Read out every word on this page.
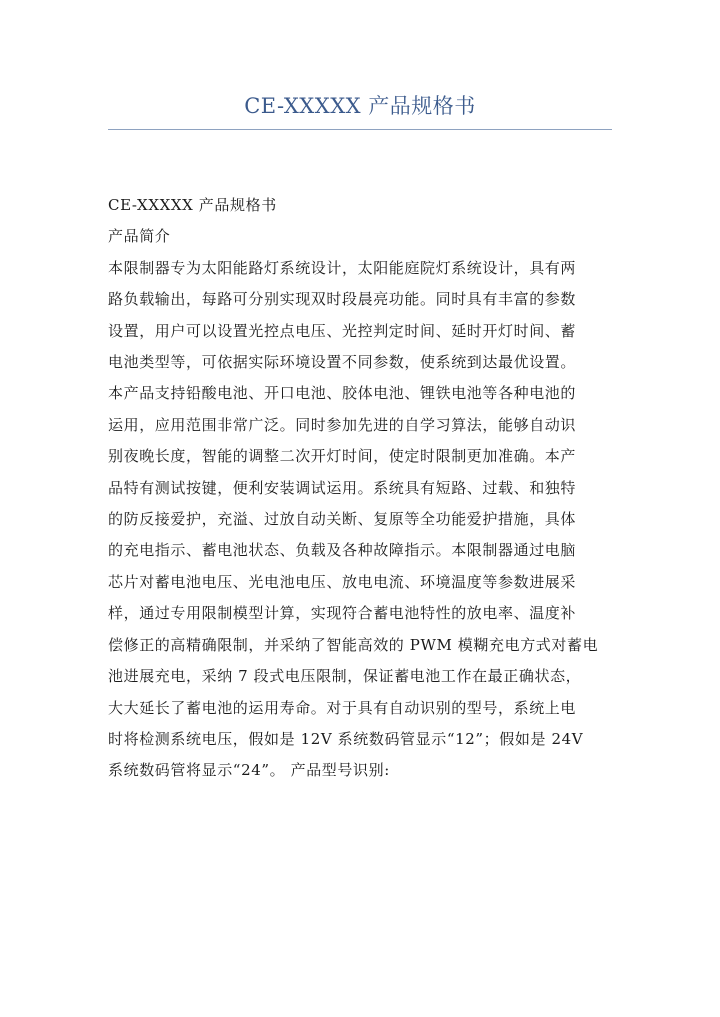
CE-XXXXX 产品规格书
CE-XXXXX 产品规格书
产品简介
本限制器专为太阳能路灯系统设计，太阳能庭院灯系统设计，具有两
路负载输出，每路可分别实现双时段晨亮功能。同时具有丰富的参数
设置，用户可以设置光控点电压、光控判定时间、延时开灯时间、蓄
电池类型等，可依据实际环境设置不同参数，使系统到达最优设置。
本产品支持铅酸电池、开口电池、胶体电池、锂铁电池等各种电池的
运用，应用范围非常广泛。同时参加先进的自学习算法，能够自动识
别夜晚长度，智能的调整二次开灯时间，使定时限制更加准确。本产
品特有测试按键，便利安装调试运用。系统具有短路、过载、和独特
的防反接爱护，充溢、过放自动关断、复原等全功能爱护措施，具体
的充电指示、蓄电池状态、负载及各种故障指示。本限制器通过电脑
芯片对蓄电池电压、光电池电压、放电电流、环境温度等参数进展采
样，通过专用限制模型计算，实现符合蓄电池特性的放电率、温度补
偿修正的高精确限制，并采纳了智能高效的 PWM 模糊充电方式对蓄电
池进展充电，采纳 7 段式电压限制，保证蓄电池工作在最正确状态，
大大延长了蓄电池的运用寿命。对于具有自动识别的型号，系统上电
时将检测系统电压，假如是 12V 系统数码管显示“12”；假如是 24V
系统数码管将显示“24”。 产品型号识别:
